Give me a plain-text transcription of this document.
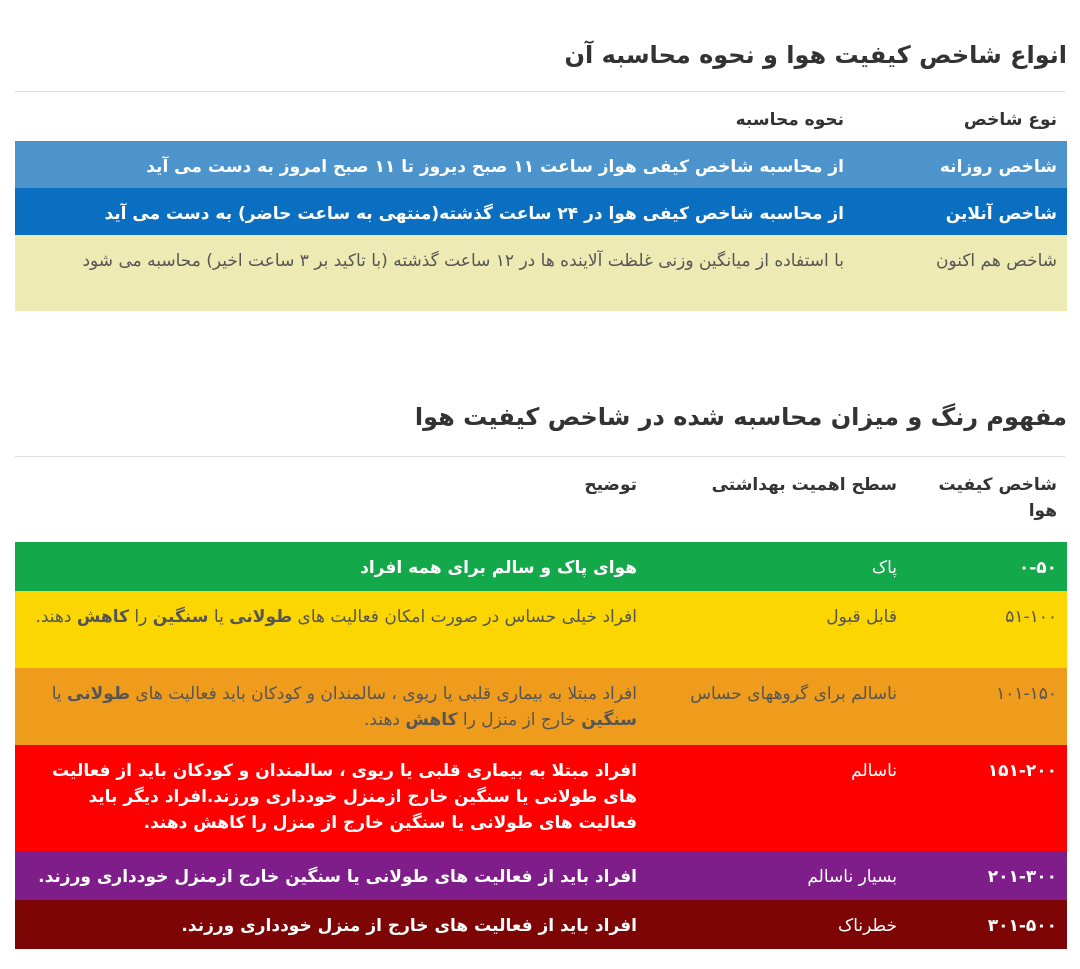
انواع شاخص کیفیت هوا و نحوه محاسبه آن
نوع شاخص	نحوه محاسبه
شاخص روزانه	از محاسبه شاخص کیفی هواز ساعت ۱۱ صبح دیروز تا ۱۱ صبح امروز به دست می آید
شاخص آنلاین	از محاسبه شاخص کیفی هوا در ۲۴ ساعت گذشته(منتهی به ساعت حاضر) به دست می آید
شاخص هم اکنون	با استفاده از میانگین وزنی غلظت آلاینده ها در ۱۲ ساعت گذشته (با تاکید بر ۳ ساعت اخیر) محاسبه می شود
مفهوم رنگ و میزان محاسبه شده در شاخص کیفیت هوا
شاخص کیفیت هوا	سطح اهمیت بهداشتی	توضیح
۰-۵۰	پاک	هوای پاک و سالم برای همه افراد
۵۱-۱۰۰	قابل قبول	افراد خیلی حساس در صورت امکان فعالیت های طولانی یا سنگین را کاهش دهند.
۱۰۱-۱۵۰	ناسالم برای گروههای حساس	افراد مبتلا به بیماری قلبی یا ریوی ، سالمندان و کودکان باید فعالیت های طولانی یا سنگین خارج از منزل را کاهش دهند.
۱۵۱-۲۰۰	ناسالم	افراد مبتلا به بیماری قلبی یا ریوی ، سالمندان و کودکان باید از فعالیت های طولانی یا سنگین خارج ازمنزل خودداری ورزند.افراد دیگر باید فعالیت های طولانی یا سنگین خارج از منزل را کاهش دهند.
۲۰۱-۳۰۰	بسیار ناسالم	افراد باید از فعالیت های طولانی یا سنگین خارج ازمنزل خودداری ورزند.
۳۰۱-۵۰۰	خطرناک	افراد باید از فعالیت های خارج از منزل خودداری ورزند.
